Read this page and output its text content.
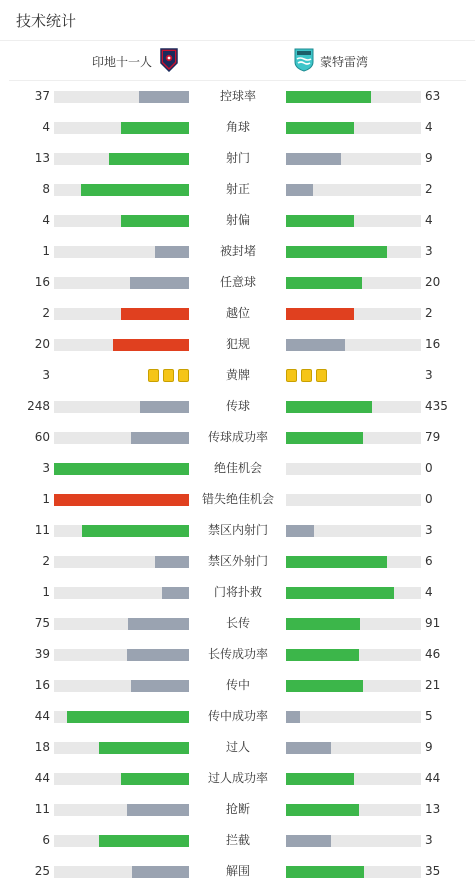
技术统计
印地十一人	蒙特雷湾
37	控球率	63
4	角球	4
13	射门	9
8	射正	2
4	射偏	4
1	被封堵	3
16	任意球	20
2	越位	2
20	犯规	16
3	黄牌	3
248	传球	435
60	传球成功率	79
3	绝佳机会	0
1	错失绝佳机会	0
11	禁区内射门	3
2	禁区外射门	6
1	门将扑救	4
75	长传	91
39	长传成功率	46
16	传中	21
44	传中成功率	5
18	过人	9
44	过人成功率	44
11	抢断	13
6	拦截	3
25	解围	35
